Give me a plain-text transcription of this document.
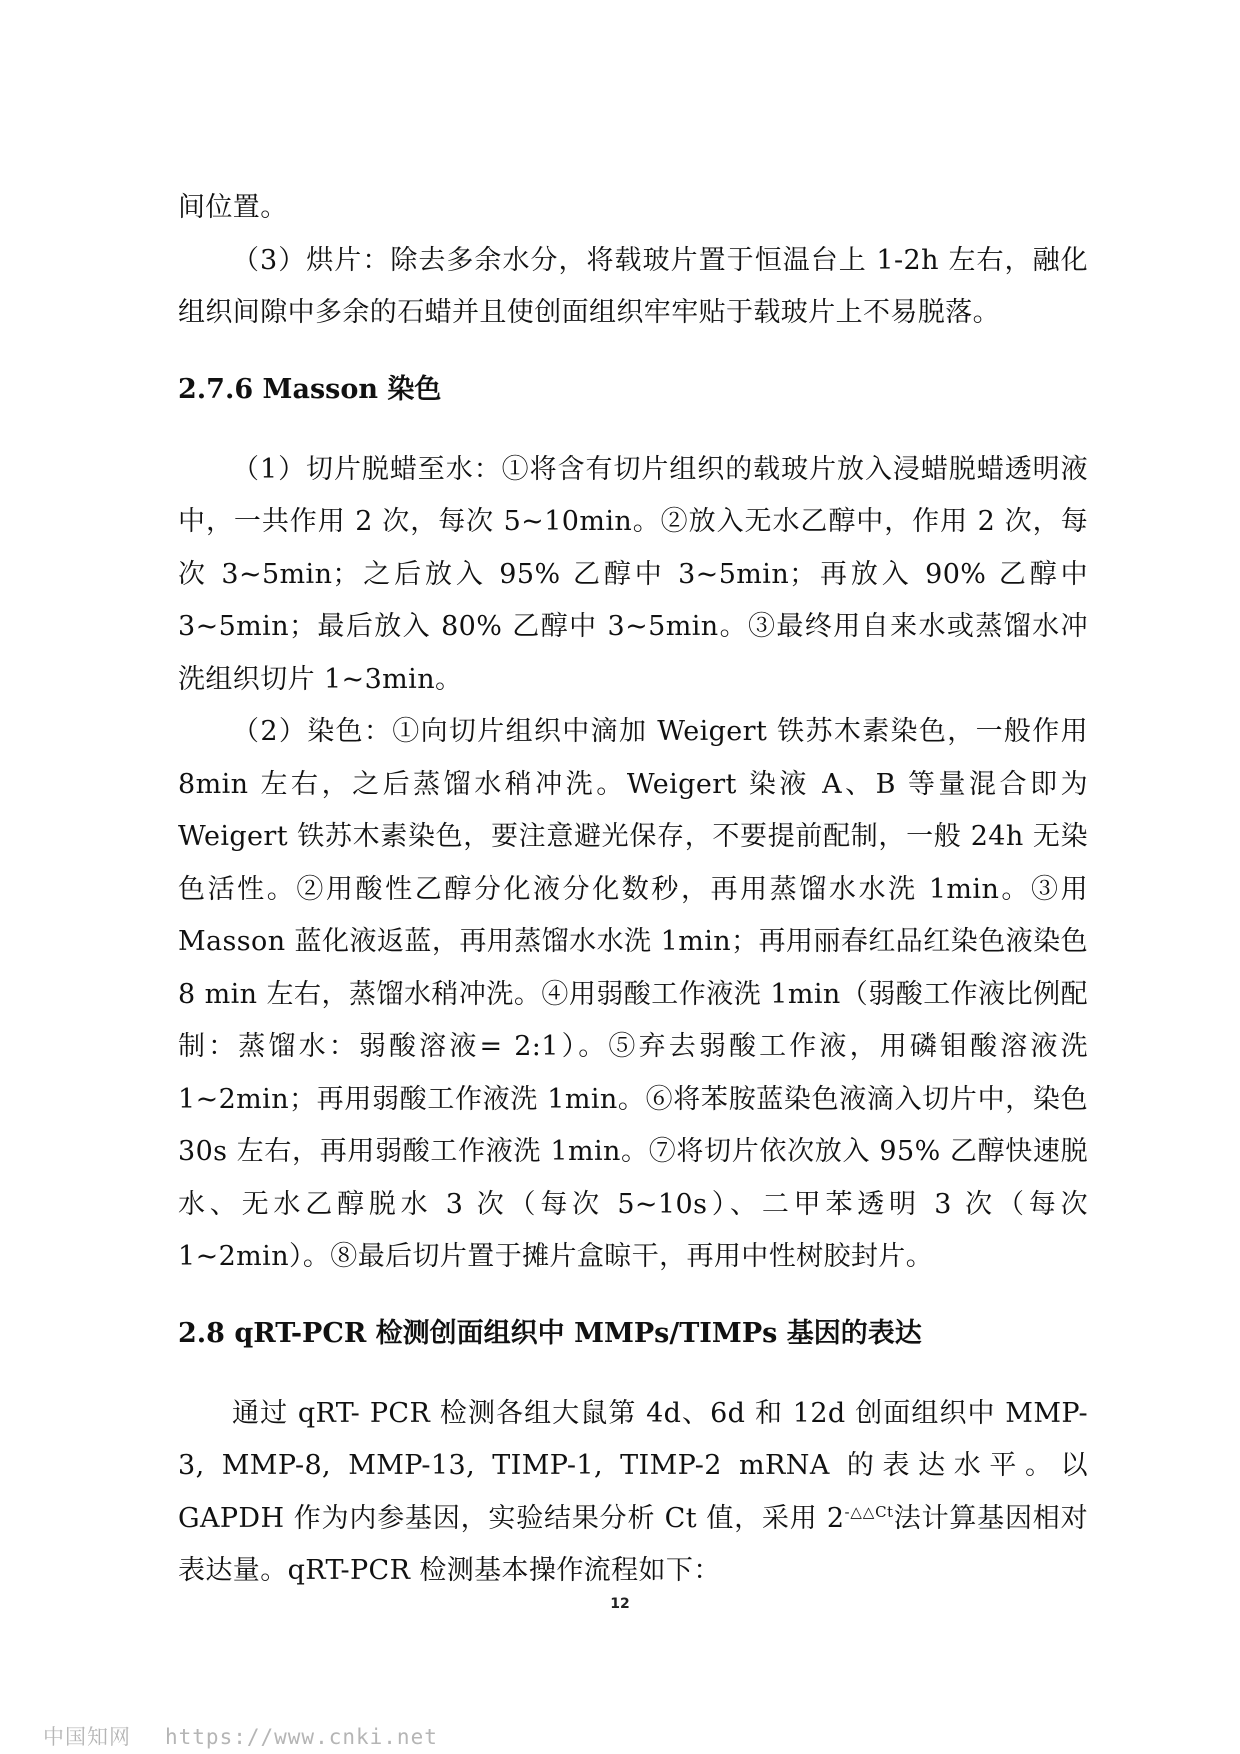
间位置。

（3）烘片：除去多余水分，将载玻片置于恒温台上 1-2h 左右，融化组织间隙中多余的石蜡并且使创面组织牢牢贴于载玻片上不易脱落。

2.7.6 Masson 染色

（1）切片脱蜡至水：①将含有切片组织的载玻片放入浸蜡脱蜡透明液中，一共作用 2 次，每次 5~10min。②放入无水乙醇中，作用 2 次，每次 3~5min；之后放入 95% 乙醇中 3~5min；再放入 90% 乙醇中 3~5min；最后放入 80% 乙醇中 3~5min。③最终用自来水或蒸馏水冲洗组织切片 1~3min。

（2）染色：①向切片组织中滴加 Weigert 铁苏木素染色，一般作用 8min 左右，之后蒸馏水稍冲洗。Weigert 染液 A、B 等量混合即为 Weigert 铁苏木素染色，要注意避光保存，不要提前配制，一般 24h 无染色活性。②用酸性乙醇分化液分化数秒，再用蒸馏水水洗 1min。③用 Masson 蓝化液返蓝，再用蒸馏水水洗 1min；再用丽春红品红染色液染色 8 min 左右，蒸馏水稍冲洗。④用弱酸工作液洗 1min（弱酸工作液比例配制：蒸馏水：弱酸溶液= 2:1）。⑤弃去弱酸工作液，用磷钼酸溶液洗 1~2min；再用弱酸工作液洗 1min。⑥将苯胺蓝染色液滴入切片中，染色 30s 左右，再用弱酸工作液洗 1min。⑦将切片依次放入 95% 乙醇快速脱水、无水乙醇脱水 3 次（每次 5~10s）、二甲苯透明 3 次（每次 1~2min）。⑧最后切片置于摊片盒晾干，再用中性树胶封片。

2.8 qRT-PCR 检测创面组织中 MMPs/TIMPs 基因的表达

通过 qRT- PCR 检测各组大鼠第 4d、6d 和 12d 创面组织中 MMP-3, MMP-8, MMP-13, TIMP-1, TIMP-2 mRNA 的表达水平。以 GAPDH 作为内参基因，实验结果分析 Ct 值，采用 $2^{-\triangle\triangle Ct}$法计算基因相对表达量。qRT-PCR 检测基本操作流程如下：

12
中国知网 https://www.cnki.net
